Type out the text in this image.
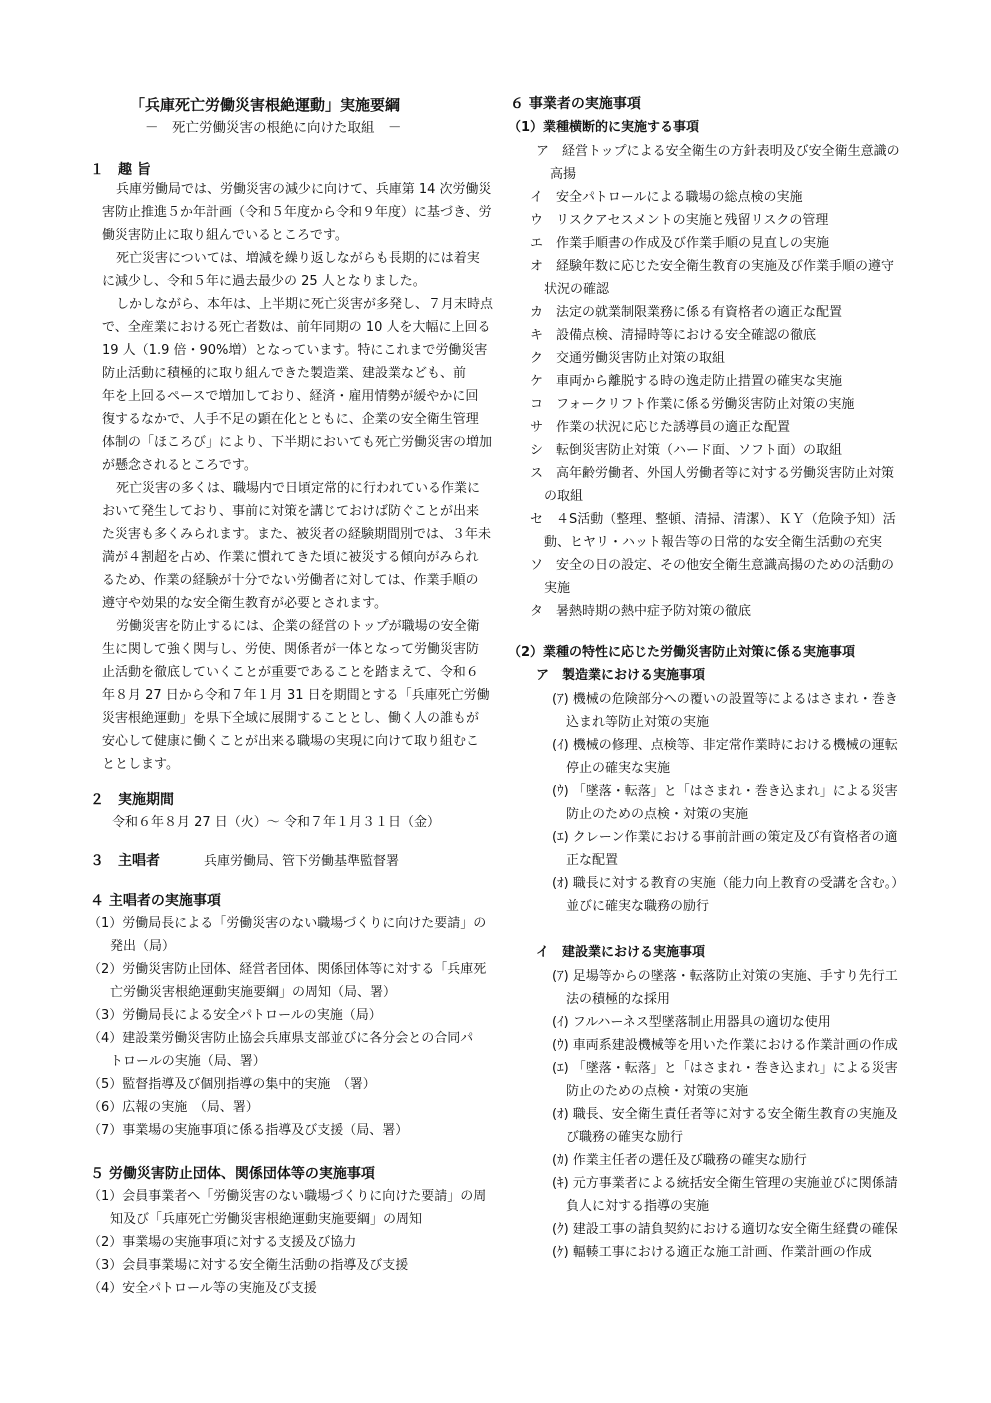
「兵庫死亡労働災害根絶運動」実施要綱
－　死亡労働災害の根絶に向けた取組　－
１　趣 旨
兵庫労働局では、労働災害の減少に向けて、兵庫第 14 次労働災
害防止推進５か年計画（令和５年度から令和９年度）に基づき、労
働災害防止に取り組んでいるところです。
死亡災害については、増減を繰り返しながらも長期的には着実
に減少し、令和５年に過去最少の 25 人となりました。
しかしながら、本年は、上半期に死亡災害が多発し、７月末時点
で、全産業における死亡者数は、前年同期の 10 人を大幅に上回る
19 人（1.9 倍・90%増）となっています。特にこれまで労働災害
防止活動に積極的に取り組んできた製造業、建設業なども、前
年を上回るペースで増加しており、経済・雇用情勢が緩やかに回
復するなかで、人手不足の顕在化とともに、企業の安全衛生管理
体制の「ほころび」により、下半期においても死亡労働災害の増加
が懸念されるところです。
死亡災害の多くは、職場内で日頃定常的に行われている作業に
おいて発生しており、事前に対策を講じておけば防ぐことが出来
た災害も多くみられます。また、被災者の経験期間別では、３年未
満が４割超を占め、作業に慣れてきた頃に被災する傾向がみられ
るため、作業の経験が十分でない労働者に対しては、作業手順の
遵守や効果的な安全衛生教育が必要とされます。
労働災害を防止するには、企業の経営のトップが職場の安全衛
生に関して強く関与し、労使、関係者が一体となって労働災害防
止活動を徹底していくことが重要であることを踏まえて、令和６
年８月 27 日から令和７年１月 31 日を期間とする「兵庫死亡労働
災害根絶運動」を県下全域に展開することとし、働く人の誰もが
安心して健康に働くことが出来る職場の実現に向けて取り組むこ
ととします。
２　実施期間
令和６年８月 27 日（火）～ 令和７年１月３１日（金）
３　主唱者	兵庫労働局、管下労働基準監督署
４ 主唱者の実施事項
（1）労働局長による「労働災害のない職場づくりに向けた要請」の
発出（局）
（2）労働災害防止団体、経営者団体、関係団体等に対する「兵庫死
亡労働災害根絶運動実施要綱」の周知（局、署）
（3）労働局長による安全パトロールの実施（局）
（4）建設業労働災害防止協会兵庫県支部並びに各分会との合同パ
トロールの実施（局、署）
（5）監督指導及び個別指導の集中的実施　（署）
（6）広報の実施　（局、署）
（7）事業場の実施事項に係る指導及び支援（局、署）
５ 労働災害防止団体、関係団体等の実施事項
（1）会員事業者へ「労働災害のない職場づくりに向けた要請」の周
知及び「兵庫死亡労働災害根絶運動実施要綱」の周知
（2）事業場の実施事項に対する支援及び協力
（3）会員事業場に対する安全衛生活動の指導及び支援
（4）安全パトロール等の実施及び支援
６ 事業者の実施事項
（1）業種横断的に実施する事項
ア　経営トップによる安全衛生の方針表明及び安全衛生意識の
高揚
イ　安全パトロールによる職場の総点検の実施
ウ　リスクアセスメントの実施と残留リスクの管理
エ　作業手順書の作成及び作業手順の見直しの実施
オ　経験年数に応じた安全衛生教育の実施及び作業手順の遵守
状況の確認
カ　法定の就業制限業務に係る有資格者の適正な配置
キ　設備点検、清掃時等における安全確認の徹底
ク　交通労働災害防止対策の取組
ケ　車両から離脱する時の逸走防止措置の確実な実施
コ　フォークリフト作業に係る労働災害防止対策の実施
サ　作業の状況に応じた誘導員の適正な配置
シ　転倒災害防止対策（ハード面、ソフト面）の取組
ス　高年齢労働者、外国人労働者等に対する労働災害防止対策
の取組
セ　４S活動（整理、整頓、清掃、清潔）、ＫＹ（危険予知）活
動、ヒヤリ・ハット報告等の日常的な安全衛生活動の充実
ソ　安全の日の設定、その他安全衛生意識高揚のための活動の
実施
タ　暑熱時期の熱中症予防対策の徹底
（2）業種の特性に応じた労働災害防止対策に係る実施事項
ア　製造業における実施事項
(ｱ) 機械の危険部分への覆いの設置等によるはさまれ・巻き
込まれ等防止対策の実施
(ｲ) 機械の修理、点検等、非定常作業時における機械の運転
停止の確実な実施
(ｳ) 「墜落・転落」と「はさまれ・巻き込まれ」による災害
防止のための点検・対策の実施
(ｴ) クレーン作業における事前計画の策定及び有資格者の適
正な配置
(ｵ) 職長に対する教育の実施（能力向上教育の受講を含む。）
並びに確実な職務の励行
イ　建設業における実施事項
(ｱ) 足場等からの墜落・転落防止対策の実施、手すり先行工
法の積極的な採用
(ｲ) フルハーネス型墜落制止用器具の適切な使用
(ｳ) 車両系建設機械等を用いた作業における作業計画の作成
(ｴ) 「墜落・転落」と「はさまれ・巻き込まれ」による災害
防止のための点検・対策の実施
(ｵ) 職長、安全衛生責任者等に対する安全衛生教育の実施及
び職務の確実な励行
(ｶ) 作業主任者の選任及び職務の確実な励行
(ｷ) 元方事業者による統括安全衛生管理の実施並びに関係請
負人に対する指導の実施
(ｸ) 建設工事の請負契約における適切な安全衛生経費の確保
(ｹ) 輻輳工事における適正な施工計画、作業計画の作成
